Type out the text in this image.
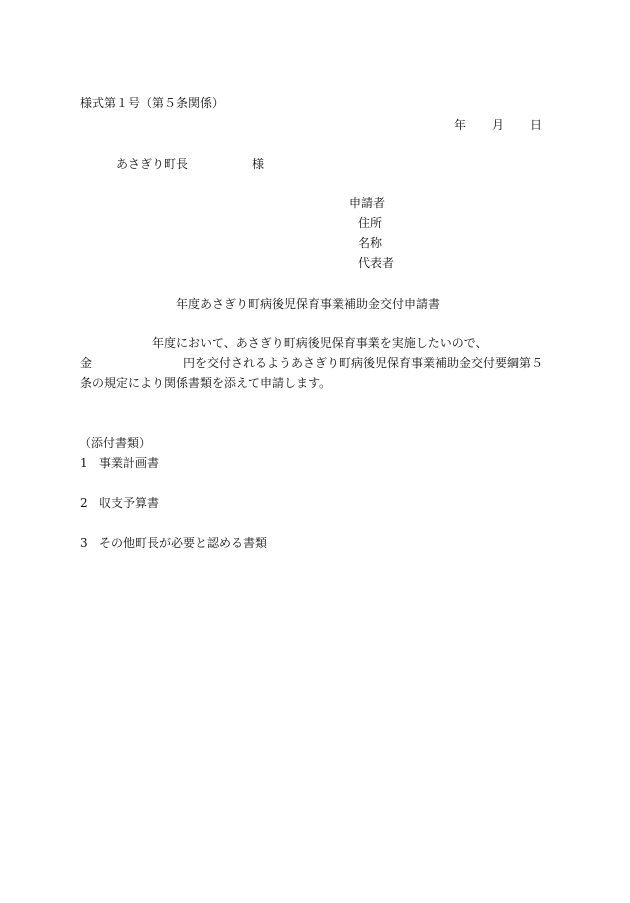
様式第１号（第５条関係）
年 月 日
あさぎり町長	様
申請者
住所
名称
代表者
年度あさぎり町病後児保育事業補助金交付申請書
年度において、あさぎり町病後児保育事業を実施したいので、
金	円を交付されるようあさぎり町病後児保育事業補助金交付要綱第５
条の規定により関係書類を添えて申請します。
（添付書類）
1 事業計画書
2 収支予算書
3 その他町長が必要と認める書類
